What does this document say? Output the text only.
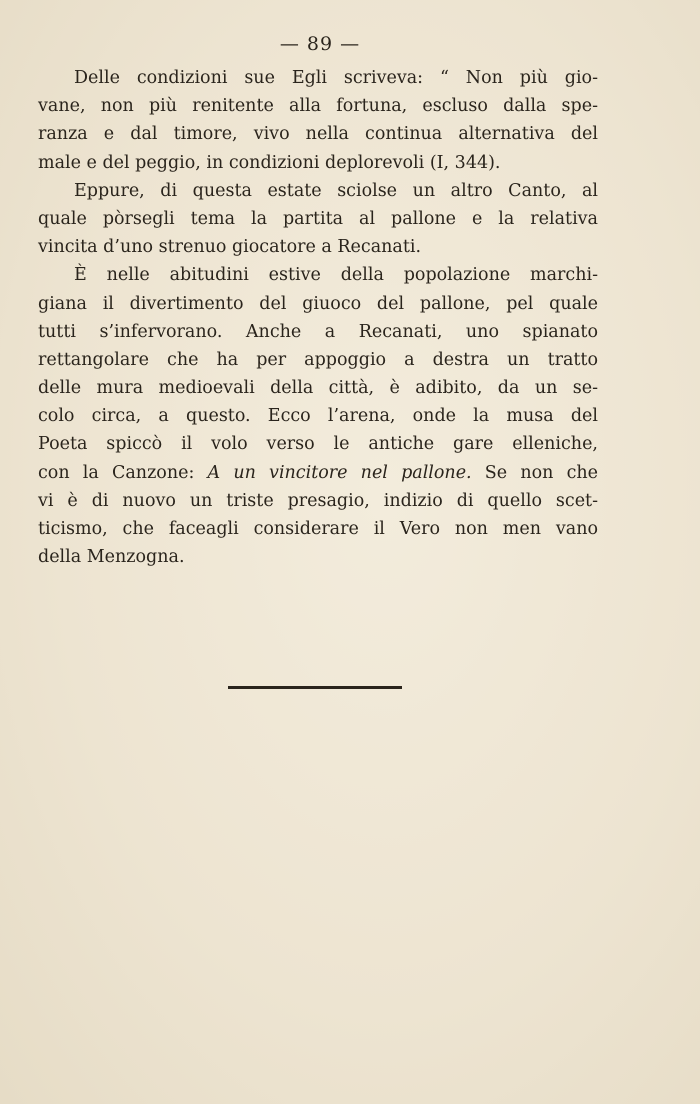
— 89 —
Delle condizioni sue Egli scriveva: “ Non più gio-
vane, non più renitente alla fortuna, escluso dalla spe-
ranza e dal timore, vivo nella continua alternativa del
male e del peggio, in condizioni deplorevoli (I, 344).
Eppure, di questa estate sciolse un altro Canto, al
quale pòrsegli tema la partita al pallone e la relativa
vincita d’uno strenuo giocatore a Recanati.
È nelle abitudini estive della popolazione marchi-
giana il divertimento del giuoco del pallone, pel quale
tutti s’infervorano. Anche a Recanati, uno spianato
rettangolare che ha per appoggio a destra un tratto
delle mura medioevali della città, è adibito, da un se-
colo circa, a questo. Ecco l’arena, onde la musa del
Poeta spiccò il volo verso le antiche gare elleniche,
con la Canzone: A un vincitore nel pallone. Se non che
vi è di nuovo un triste presagio, indizio di quello scet-
ticismo, che faceagli considerare il Vero non men vano
della Menzogna.
